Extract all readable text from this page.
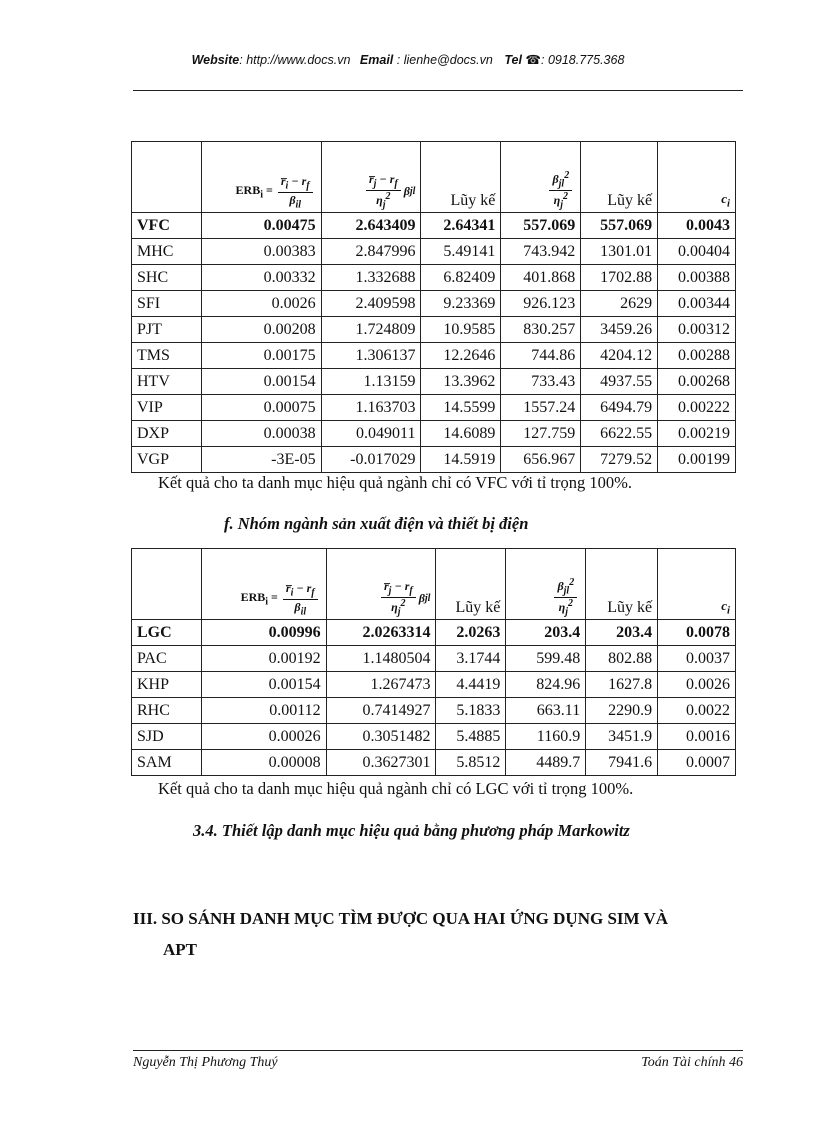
Website: http://www.docs.vn Email : lienhe@docs.vn Tel ☎: 0918.775.368

	$ERB_i = \frac{r̅_i - r_f}{\beta_{il}}$	$\frac{r̅_j - r_f}{\eta_j^2}$ β jl	Lũy kế	$\frac{\beta_{jl}^2}{\eta_j^2}$	Lũy kế	$c_i$
VFC	0.00475	2.643409	2.64341	557.069	557.069	0.0043
MHC	0.00383	2.847996	5.49141	743.942	1301.01	0.00404
SHC	0.00332	1.332688	6.82409	401.868	1702.88	0.00388
SFI	0.0026	2.409598	9.23369	926.123	2629	0.00344
PJT	0.00208	1.724809	10.9585	830.257	3459.26	0.00312
TMS	0.00175	1.306137	12.2646	744.86	4204.12	0.00288
HTV	0.00154	1.13159	13.3962	733.43	4937.55	0.00268
VIP	0.00075	1.163703	14.5599	1557.24	6494.79	0.00222
DXP	0.00038	0.049011	14.6089	127.759	6622.55	0.00219
VGP	-3E-05	-0.017029	14.5919	656.967	7279.52	0.00199
Kết quả cho ta danh mục hiệu quả ngành chỉ có VFC với tỉ trọng 100%.
f. Nhóm ngành sản xuất điện và thiết bị điện

	$ERB_i = \frac{r̅_i - r_f}{\beta_{il}}$	$\frac{r̅_j - r_f}{\eta_j^2}$ β jl	Lũy kế	$\frac{\beta_{jl}^2}{\eta_j^2}$	Lũy kế	$c_i$
LGC	0.00996	2.0263314	2.0263	203.4	203.4	0.0078
PAC	0.00192	1.1480504	3.1744	599.48	802.88	0.0037
KHP	0.00154	1.267473	4.4419	824.96	1627.8	0.0026
RHC	0.00112	0.7414927	5.1833	663.11	2290.9	0.0022
SJD	0.00026	0.3051482	5.4885	1160.9	3451.9	0.0016
SAM	0.00008	0.3627301	5.8512	4489.7	7941.6	0.0007
Kết quả cho ta danh mục hiệu quả ngành chỉ có LGC với tỉ trọng 100%.
3.4. Thiết lập danh mục hiệu quả bằng phương pháp Markowitz
III. SO SÁNH DANH MỤC TÌM ĐƯỢC QUA HAI ỨNG DỤNG SIM VÀ
APT
Nguyễn Thị Phương Thuý	Toán Tài chính 46
